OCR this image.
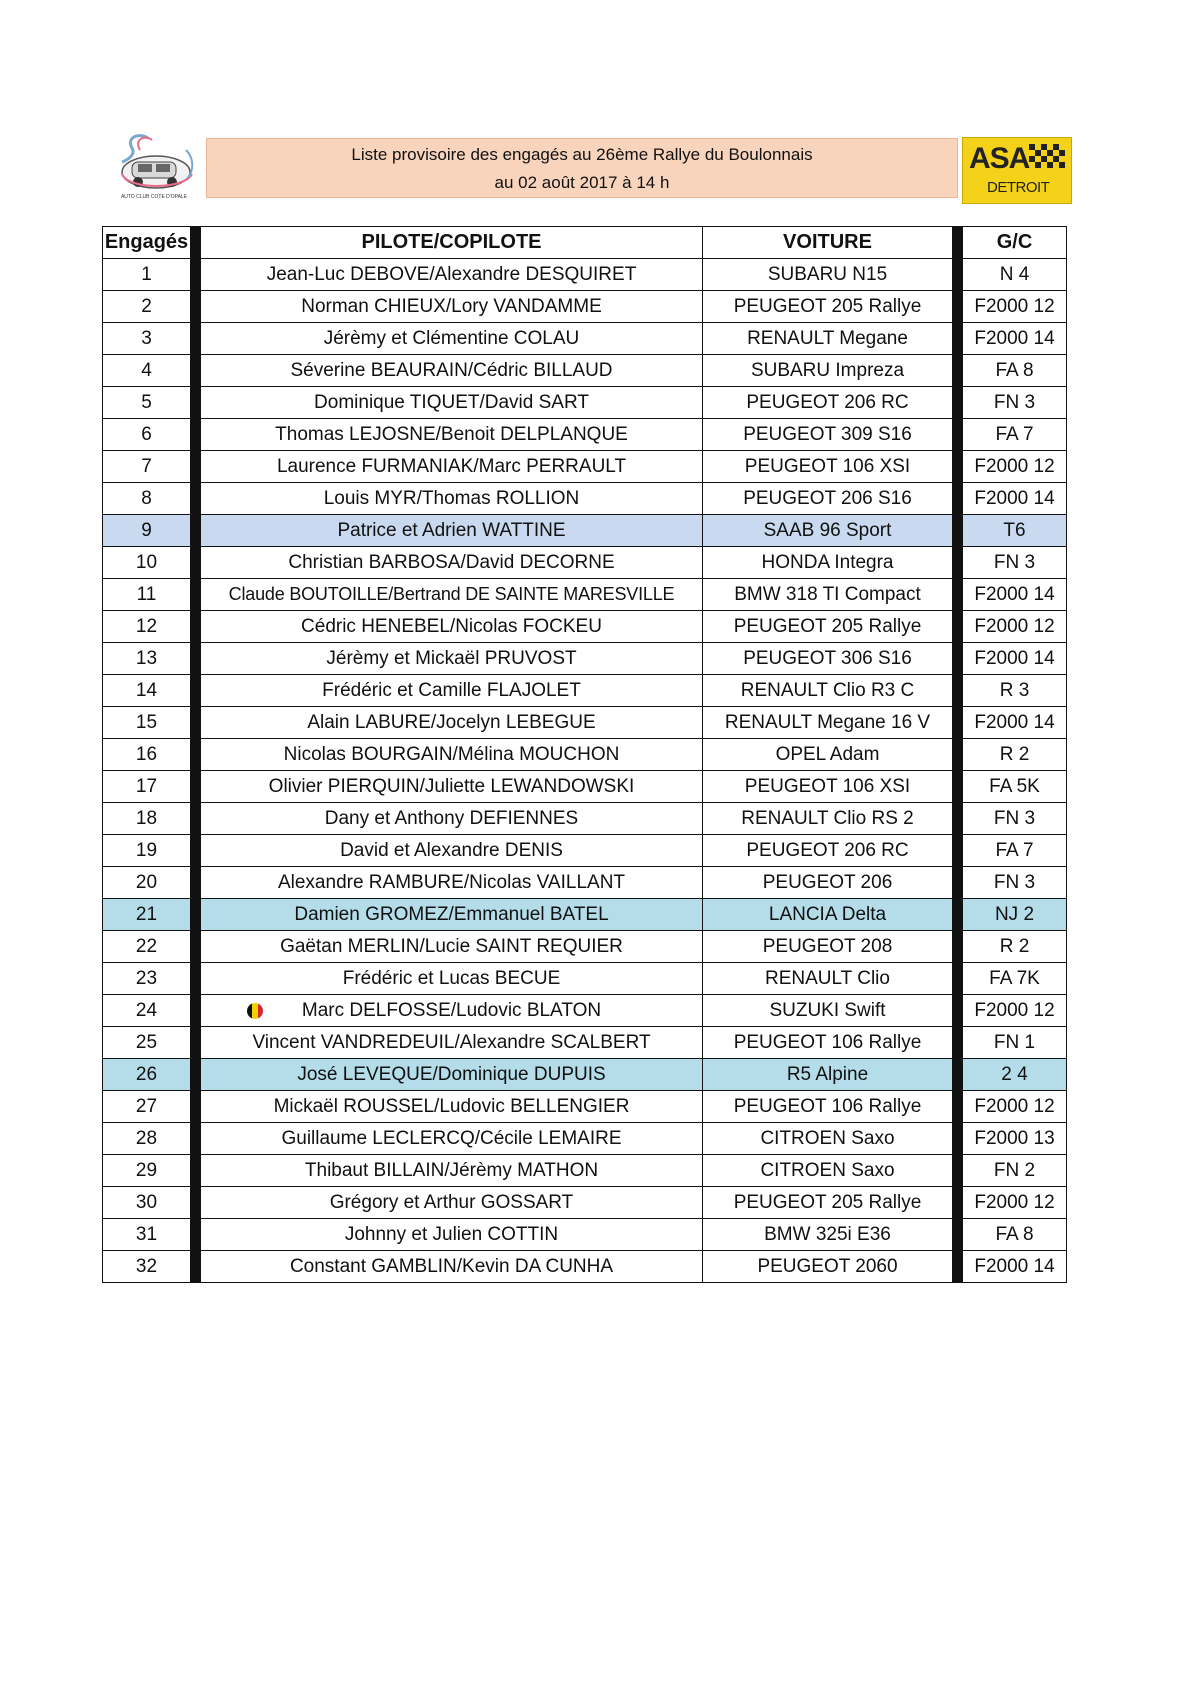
AUTO CLUB COTE D'OPALE
Liste provisoire des engagés au 26ème Rallye du Boulonnais
au 02 août 2017 à 14 h
ASA
DETROIT
Engagés		PILOTE/COPILOTE	VOITURE		G/C
1		Jean-Luc DEBOVE/Alexandre DESQUIRET	SUBARU N15		N 4
2		Norman CHIEUX/Lory VANDAMME	PEUGEOT 205 Rallye		F2000 12
3		Jérèmy et Clémentine COLAU	RENAULT Megane		F2000 14
4		Séverine BEAURAIN/Cédric BILLAUD	SUBARU Impreza		FA 8
5		Dominique TIQUET/David SART	PEUGEOT 206 RC		FN 3
6		Thomas LEJOSNE/Benoit DELPLANQUE	PEUGEOT 309 S16		FA 7
7		Laurence FURMANIAK/Marc PERRAULT	PEUGEOT 106 XSI		F2000 12
8		Louis MYR/Thomas ROLLION	PEUGEOT 206 S16		F2000 14
9		Patrice et Adrien WATTINE	SAAB 96 Sport		T6
10		Christian BARBOSA/David DECORNE	HONDA Integra		FN 3
11		Claude BOUTOILLE/Bertrand DE SAINTE MARESVILLE	BMW 318 TI Compact		F2000 14
12		Cédric HENEBEL/Nicolas FOCKEU	PEUGEOT 205 Rallye		F2000 12
13		Jérèmy et Mickaël PRUVOST	PEUGEOT 306 S16		F2000 14
14		Frédéric et Camille FLAJOLET	RENAULT Clio R3 C		R 3
15		Alain LABURE/Jocelyn LEBEGUE	RENAULT Megane 16 V		F2000 14
16		Nicolas BOURGAIN/Mélina MOUCHON	OPEL Adam		R 2
17		Olivier PIERQUIN/Juliette LEWANDOWSKI	PEUGEOT 106 XSI		FA 5K
18		Dany et Anthony DEFIENNES	RENAULT Clio RS 2		FN 3
19		David et Alexandre DENIS	PEUGEOT 206 RC		FA 7
20		Alexandre RAMBURE/Nicolas VAILLANT	PEUGEOT 206		FN 3
21		Damien GROMEZ/Emmanuel BATEL	LANCIA Delta		NJ 2
22		Gaëtan MERLIN/Lucie SAINT REQUIER	PEUGEOT 208		R 2
23		Frédéric et Lucas BECUE	RENAULT Clio		FA 7K
24		Marc DELFOSSE/Ludovic BLATON	SUZUKI Swift		F2000 12
25		Vincent VANDREDEUIL/Alexandre SCALBERT	PEUGEOT 106 Rallye		FN 1
26		José LEVEQUE/Dominique DUPUIS	R5 Alpine		2 4
27		Mickaël ROUSSEL/Ludovic BELLENGIER	PEUGEOT 106 Rallye		F2000 12
28		Guillaume LECLERCQ/Cécile LEMAIRE	CITROEN Saxo		F2000 13
29		Thibaut BILLAIN/Jérèmy MATHON	CITROEN Saxo		FN 2
30		Grégory et Arthur GOSSART	PEUGEOT 205 Rallye		F2000 12
31		Johnny et Julien COTTIN	BMW 325i E36		FA 8
32		Constant GAMBLIN/Kevin DA CUNHA	PEUGEOT 2060		F2000 14
